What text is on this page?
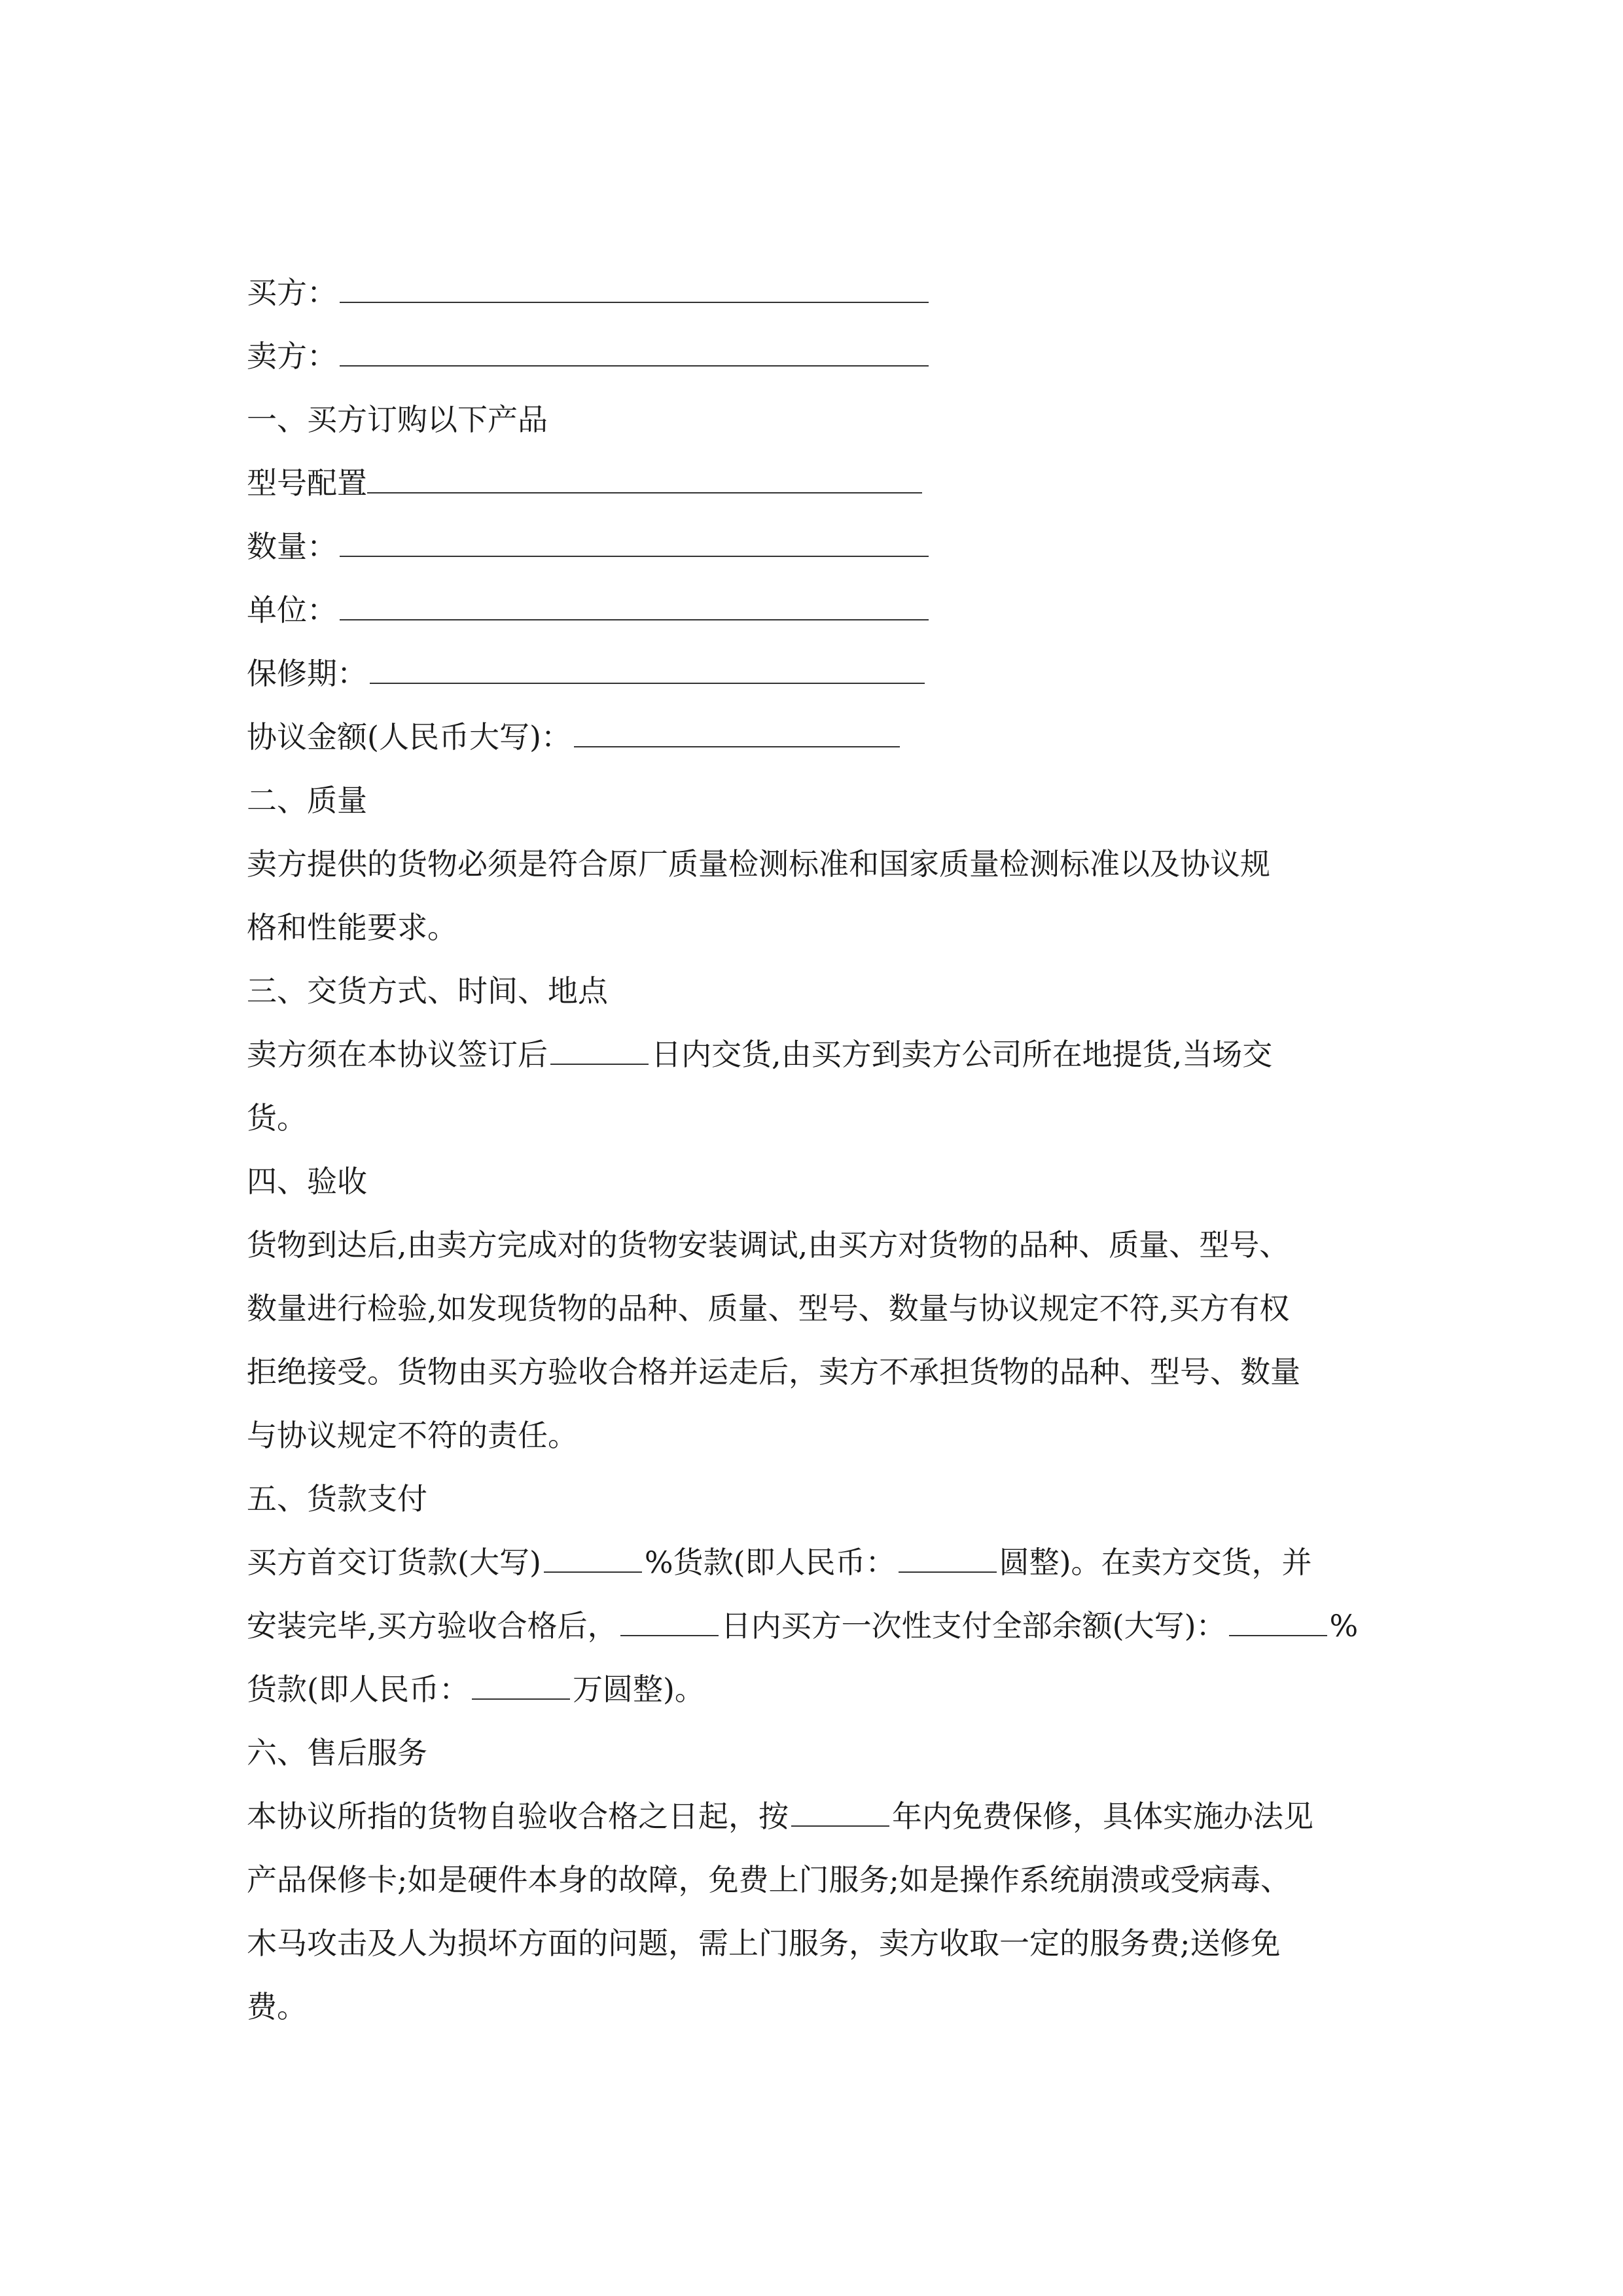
买方：

卖方：

一、买方订购以下产品

型号配置

数量：

单位：

保修期：

协议金额(人民币大写)：

二、质量

卖方提供的货物必须是符合原厂质量检测标准和国家质量检测标准以及协议规

格和性能要求。

三、交货方式、时间、地点

卖方须在本协议签订后	日内交货,由买方到卖方公司所在地提货,当场交

货。

四、验收

货物到达后,由卖方完成对的货物安装调试,由买方对货物的品种、质量、型号、

数量进行检验,如发现货物的品种、质量、型号、数量与协议规定不符,买方有权

拒绝接受。货物由买方验收合格并运走后，卖方不承担货物的品种、型号、数量

与协议规定不符的责任。

五、货款支付

买方首交订货款(大写)	%货款(即人民币：	圆整)。在卖方交货，并

安装完毕,买方验收合格后，	日内买方一次性支付全部余额(大写)：	%

货款(即人民币：	万圆整)。

六、售后服务

本协议所指的货物自验收合格之日起，按	年内免费保修，具体实施办法见

产品保修卡;如是硬件本身的故障，免费上门服务;如是操作系统崩溃或受病毒、

木马攻击及人为损坏方面的问题，需上门服务，卖方收取一定的服务费;送修免

费。
